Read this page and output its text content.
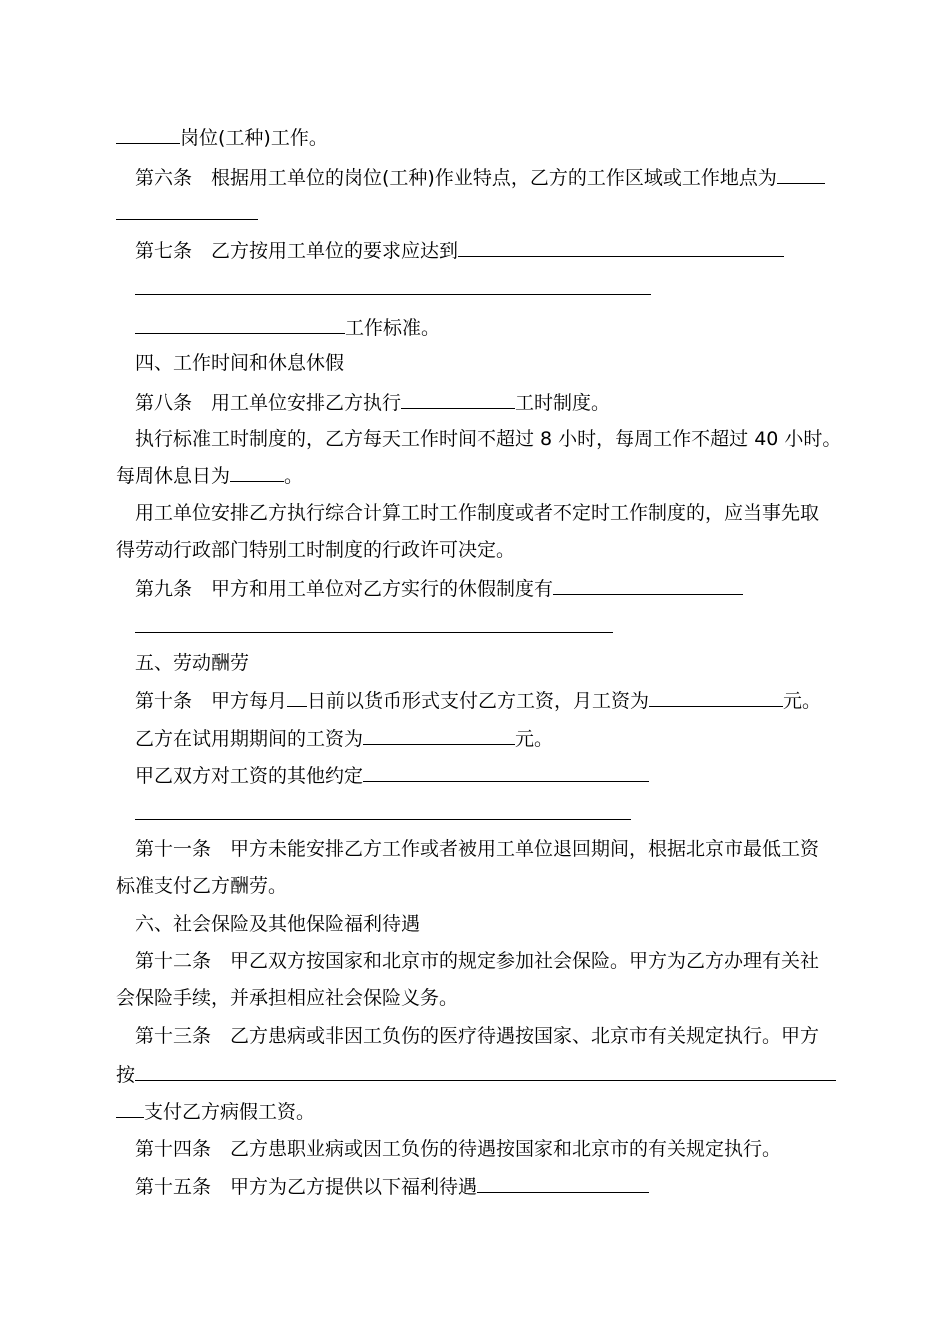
岗位(工种)工作。
第六条 根据用工单位的岗位(工种)作业特点，乙方的工作区域或工作地点为
第七条 乙方按用工单位的要求应达到
工作标准。
四、工作时间和休息休假
第八条 用工单位安排乙方执行	工时制度。
执行标准工时制度的，乙方每天工作时间不超过 8 小时，每周工作不超过 40 小时。
每周休息日为	。
用工单位安排乙方执行综合计算工时工作制度或者不定时工作制度的，应当事先取
得劳动行政部门特别工时制度的行政许可决定。
第九条 甲方和用工单位对乙方实行的休假制度有
五、劳动酬劳
第十条 甲方每月 日前以货币形式支付乙方工资，月工资为	元。
乙方在试用期期间的工资为	元。
甲乙双方对工资的其他约定
第十一条 甲方未能安排乙方工作或者被用工单位退回期间，根据北京市最低工资
标准支付乙方酬劳。
六、社会保险及其他保险福利待遇
第十二条 甲乙双方按国家和北京市的规定参加社会保险。甲方为乙方办理有关社
会保险手续，并承担相应社会保险义务。
第十三条 乙方患病或非因工负伤的医疗待遇按国家、北京市有关规定执行。甲方
按
支付乙方病假工资。
第十四条 乙方患职业病或因工负伤的待遇按国家和北京市的有关规定执行。
第十五条 甲方为乙方提供以下福利待遇
